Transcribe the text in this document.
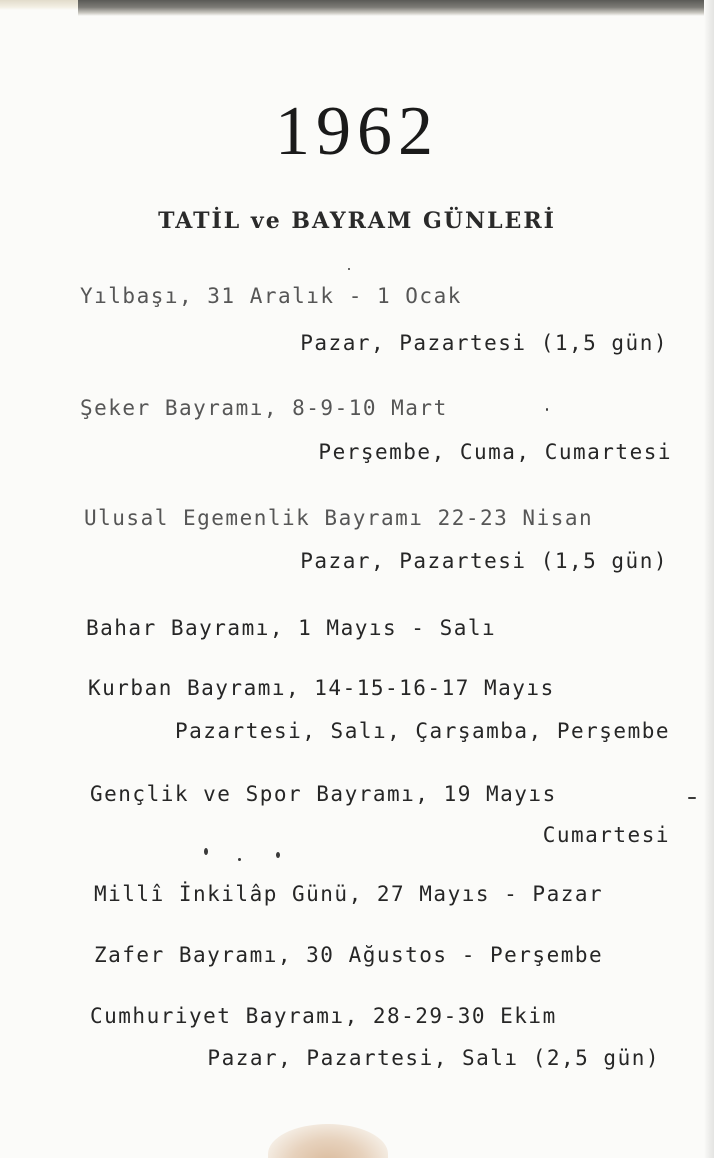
1962
TATİL ve BAYRAM GÜNLERİ
Yılbaşı, 31 Aralık - 1 Ocak
Pazar, Pazartesi (1,5 gün)
Şeker Bayramı, 8-9-10 Mart
Perşembe, Cuma, Cumartesi
Ulusal Egemenlik Bayramı 22-23 Nisan
Pazar, Pazartesi (1,5 gün)
Bahar Bayramı, 1 Mayıs - Salı
Kurban Bayramı, 14-15-16-17 Mayıs
Pazartesi, Salı, Çarşamba, Perşembe
Gençlik ve Spor Bayramı, 19 Mayıs
Cumartesi
Millî İnkilâp Günü, 27 Mayıs - Pazar
Zafer Bayramı, 30 Ağustos - Perşembe
Cumhuriyet Bayramı, 28-29-30 Ekim
Pazar, Pazartesi, Salı (2,5 gün)
